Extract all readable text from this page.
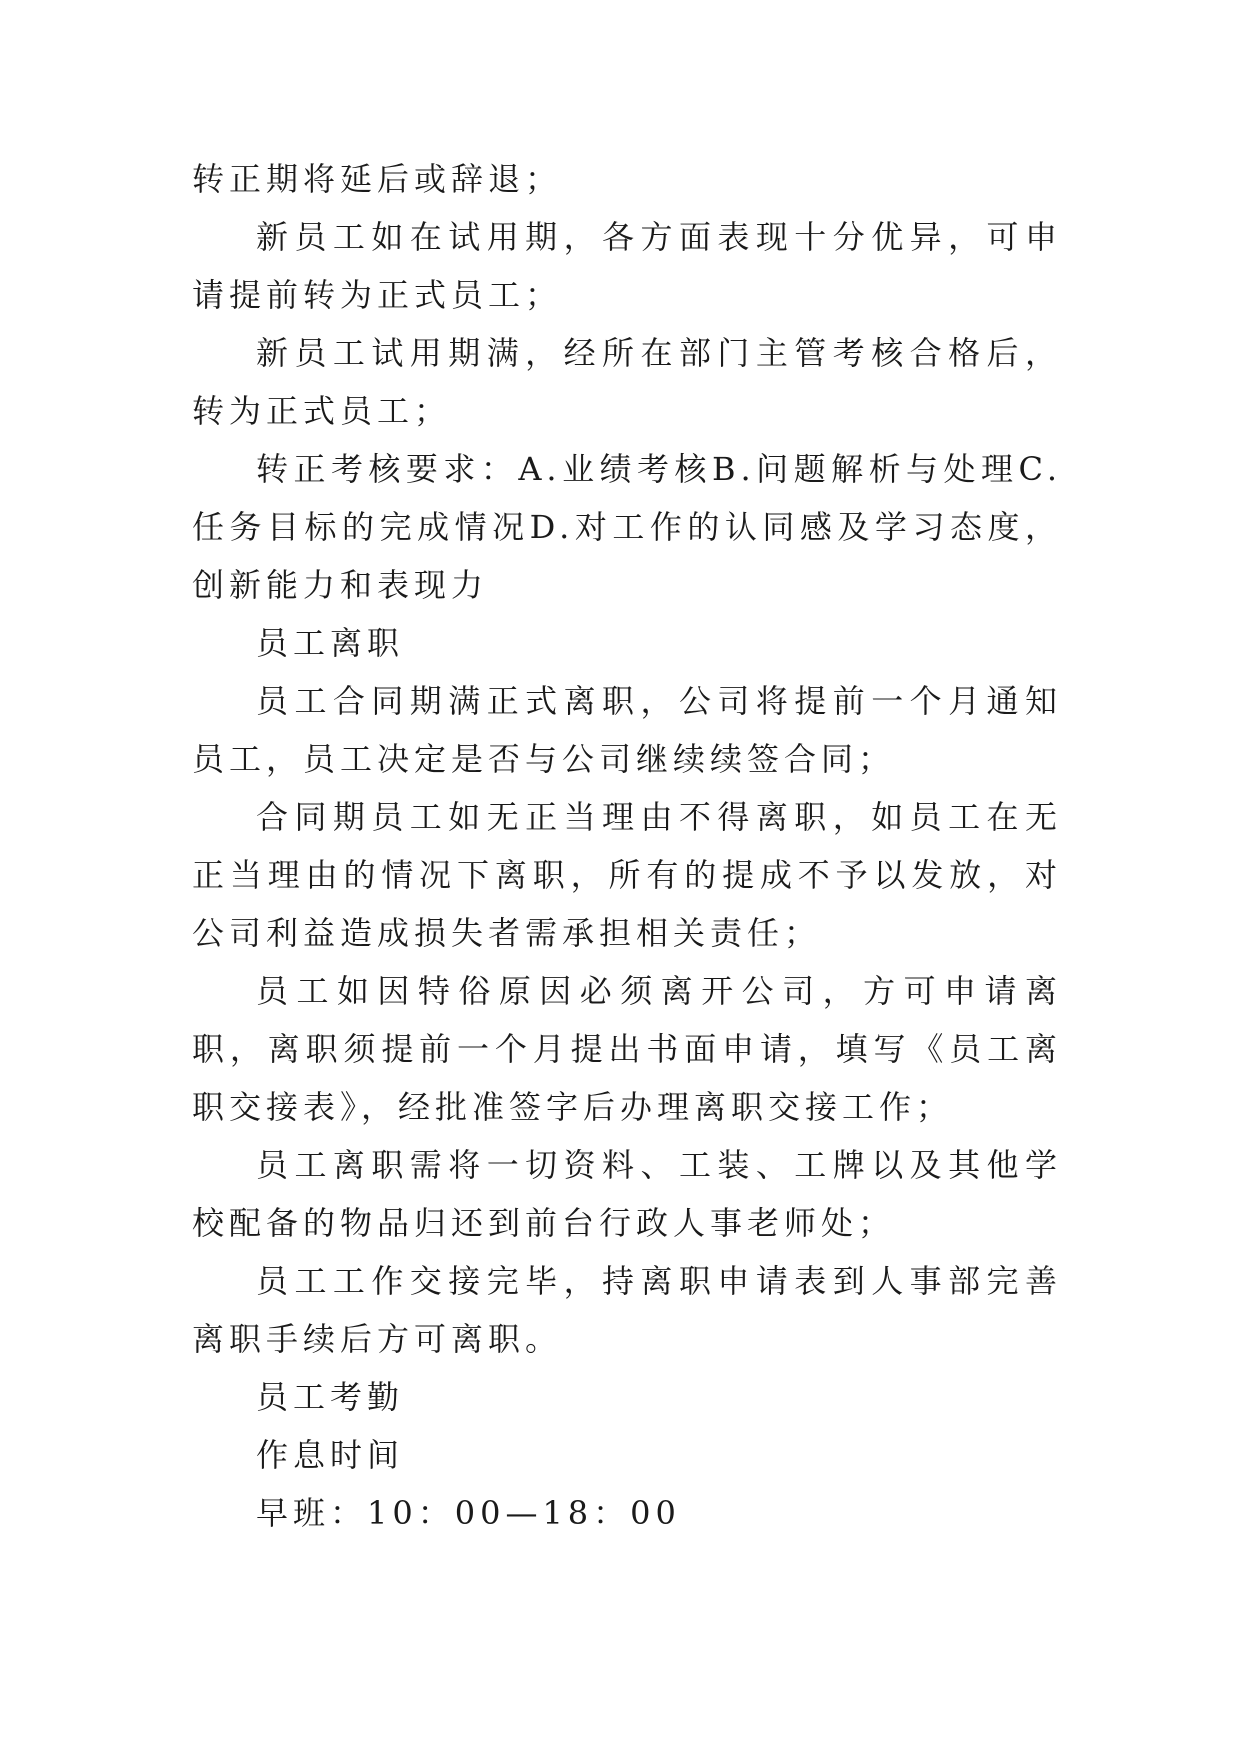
转正期将延后或辞退；

新员工如在试用期，各方面表现十分优异，可申请提前转为正式员工；

新员工试用期满，经所在部门主管考核合格后，转为正式员工；

转正考核要求：A.业绩考核B.问题解析与处理C.任务目标的完成情况D.对工作的认同感及学习态度，创新能力和表现力

员工离职

员工合同期满正式离职，公司将提前一个月通知员工，员工决定是否与公司继续续签合同；

合同期员工如无正当理由不得离职，如员工在无正当理由的情况下离职，所有的提成不予以发放，对公司利益造成损失者需承担相关责任；

员工如因特俗原因必须离开公司，方可申请离职，离职须提前一个月提出书面申请，填写《员工离职交接表》，经批准签字后办理离职交接工作；

员工离职需将一切资料、工装、工牌以及其他学校配备的物品归还到前台行政人事老师处；

员工工作交接完毕，持离职申请表到人事部完善离职手续后方可离职。

员工考勤

作息时间

早班：10：00—18：00
